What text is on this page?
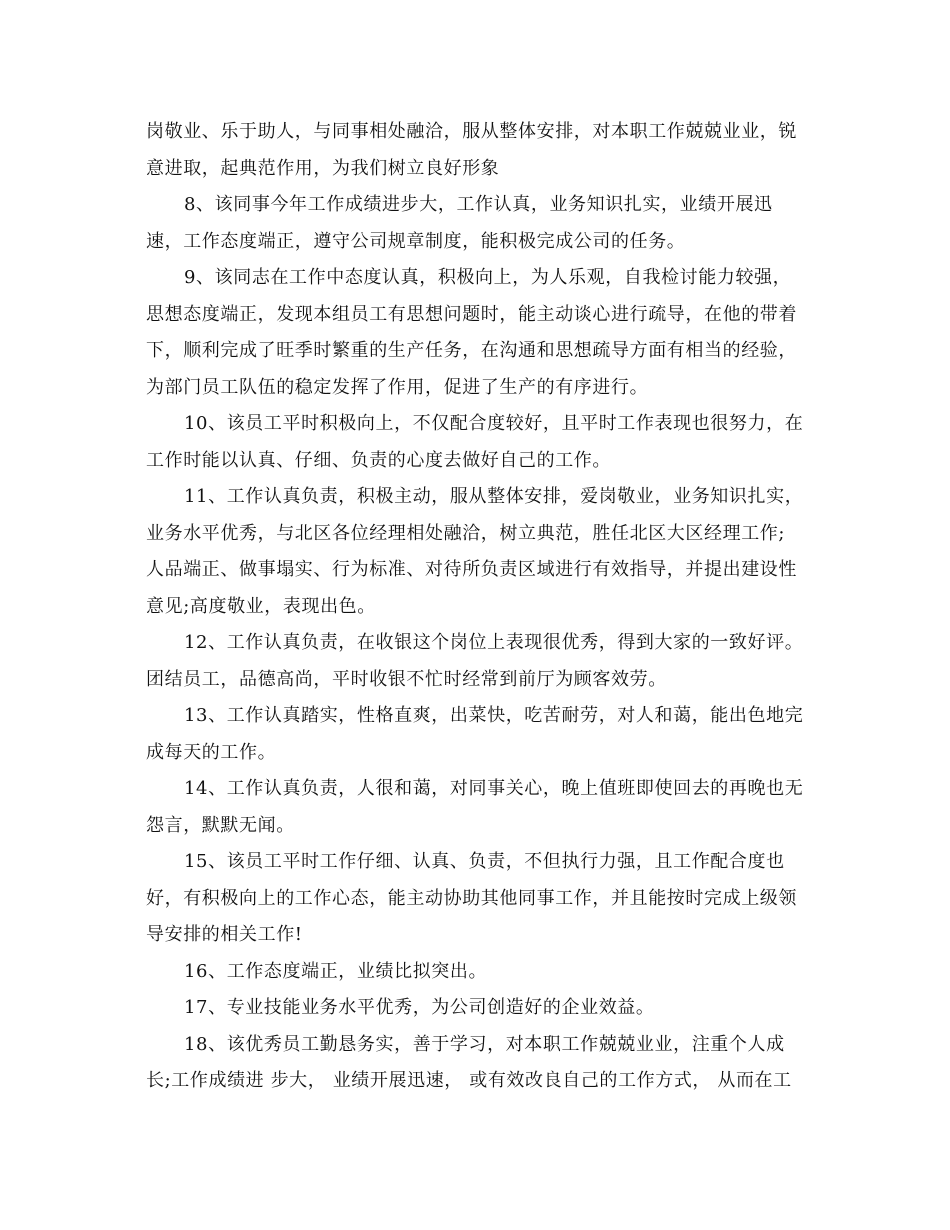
岗敬业、乐于助人，与同事相处融洽，服从整体安排，对本职工作兢兢业业，锐
意进取，起典范作用，为我们树立良好形象
8、该同事今年工作成绩进步大，工作认真，业务知识扎实，业绩开展迅
速，工作态度端正，遵守公司规章制度，能积极完成公司的任务。
9、该同志在工作中态度认真，积极向上，为人乐观，自我检讨能力较强，
思想态度端正，发现本组员工有思想问题时，能主动谈心进行疏导，在他的带着
下，顺利完成了旺季时繁重的生产任务，在沟通和思想疏导方面有相当的经验，
为部门员工队伍的稳定发挥了作用，促进了生产的有序进行。
10、该员工平时积极向上，不仅配合度较好，且平时工作表现也很努力，在
工作时能以认真、仔细、负责的心度去做好自己的工作。
11、工作认真负责，积极主动，服从整体安排，爱岗敬业，业务知识扎实，
业务水平优秀，与北区各位经理相处融洽，树立典范，胜任北区大区经理工作;
人品端正、做事塌实、行为标准、对待所负责区域进行有效指导，并提出建设性
意见;高度敬业，表现出色。
12、工作认真负责，在收银这个岗位上表现很优秀，得到大家的一致好评。
团结员工，品德高尚，平时收银不忙时经常到前厅为顾客效劳。
13、工作认真踏实，性格直爽，出菜快，吃苦耐劳，对人和蔼，能出色地完
成每天的工作。
14、工作认真负责，人很和蔼，对同事关心，晚上值班即使回去的再晚也无
怨言，默默无闻。
15、该员工平时工作仔细、认真、负责，不但执行力强，且工作配合度也
好，有积极向上的工作心态，能主动协助其他同事工作，并且能按时完成上级领
导安排的相关工作!
16、工作态度端正，业绩比拟突出。
17、专业技能业务水平优秀，为公司创造好的企业效益。
18、该优秀员工勤恳务实，善于学习，对本职工作兢兢业业，注重个人成
长;工作成绩进 步大， 业绩开展迅速， 或有效改良自己的工作方式， 从而在工
